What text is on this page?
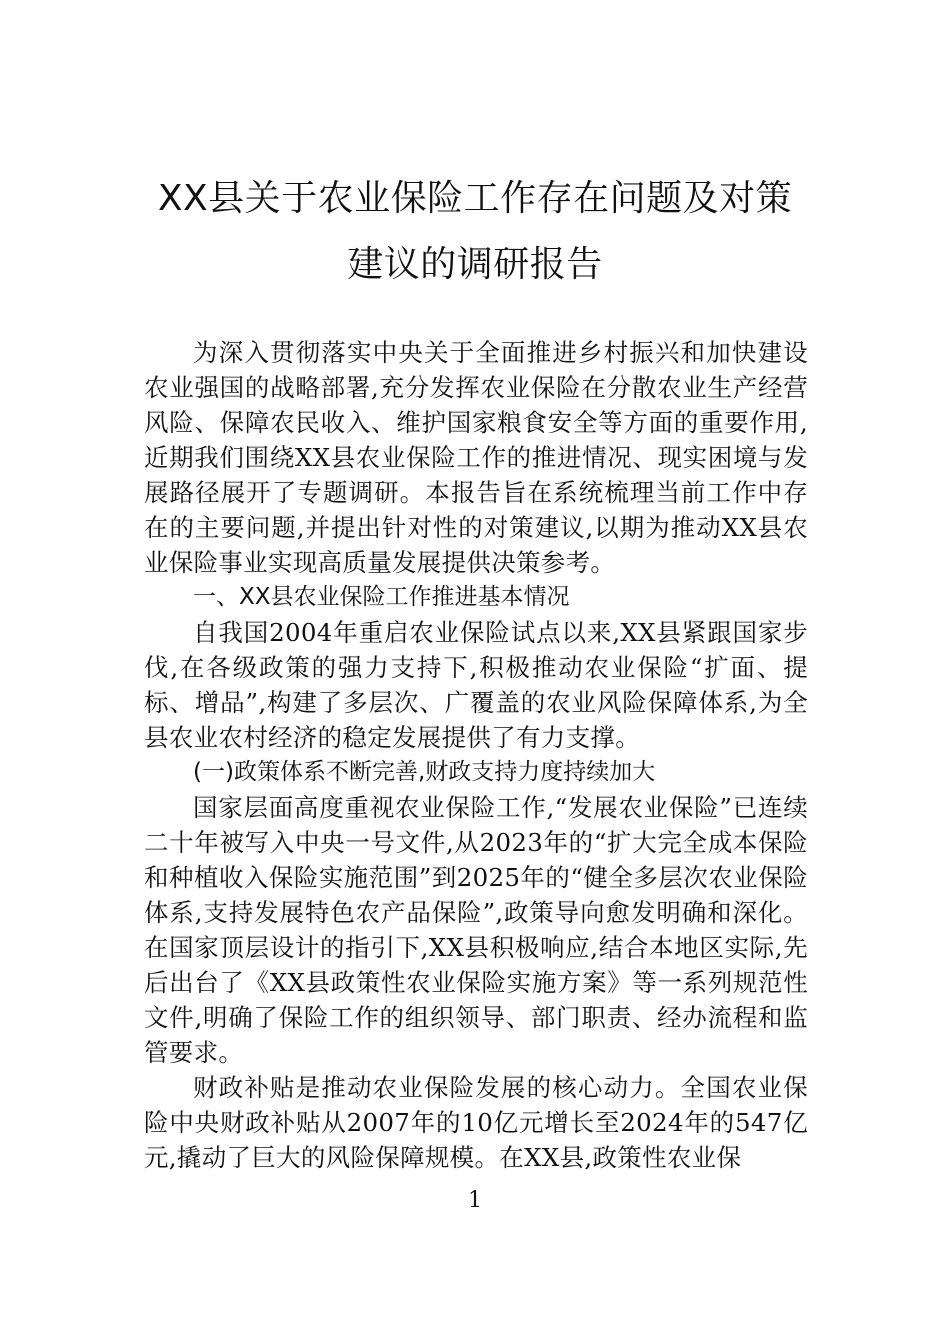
XX县关于农业保险工作存在问题及对策建议的调研报告

为深入贯彻落实中央关于全面推进乡村振兴和加快建设农业强国的战略部署,充分发挥农业保险在分散农业生产经营风险、保障农民收入、维护国家粮食安全等方面的重要作用,近期我们围绕XX县农业保险工作的推进情况、现实困境与发展路径展开了专题调研。本报告旨在系统梳理当前工作中存在的主要问题,并提出针对性的对策建议,以期为推动XX县农业保险事业实现高质量发展提供决策参考。

一、XX县农业保险工作推进基本情况

自我国2004年重启农业保险试点以来,XX县紧跟国家步伐,在各级政策的强力支持下,积极推动农业保险“扩面、提标、增品”,构建了多层次、广覆盖的农业风险保障体系,为全县农业农村经济的稳定发展提供了有力支撑。

(一)政策体系不断完善,财政支持力度持续加大

国家层面高度重视农业保险工作,“发展农业保险”已连续二十年被写入中央一号文件,从2023年的“扩大完全成本保险和种植收入保险实施范围”到2025年的“健全多层次农业保险体系,支持发展特色农产品保险”,政策导向愈发明确和深化。在国家顶层设计的指引下,XX县积极响应,结合本地区实际,先后出台了《XX县政策性农业保险实施方案》等一系列规范性文件,明确了保险工作的组织领导、部门职责、经办流程和监管要求。

财政补贴是推动农业保险发展的核心动力。全国农业保险中央财政补贴从2007年的10亿元增长至2024年的547亿元,撬动了巨大的风险保障规模。在XX县,政策性农业保

1
